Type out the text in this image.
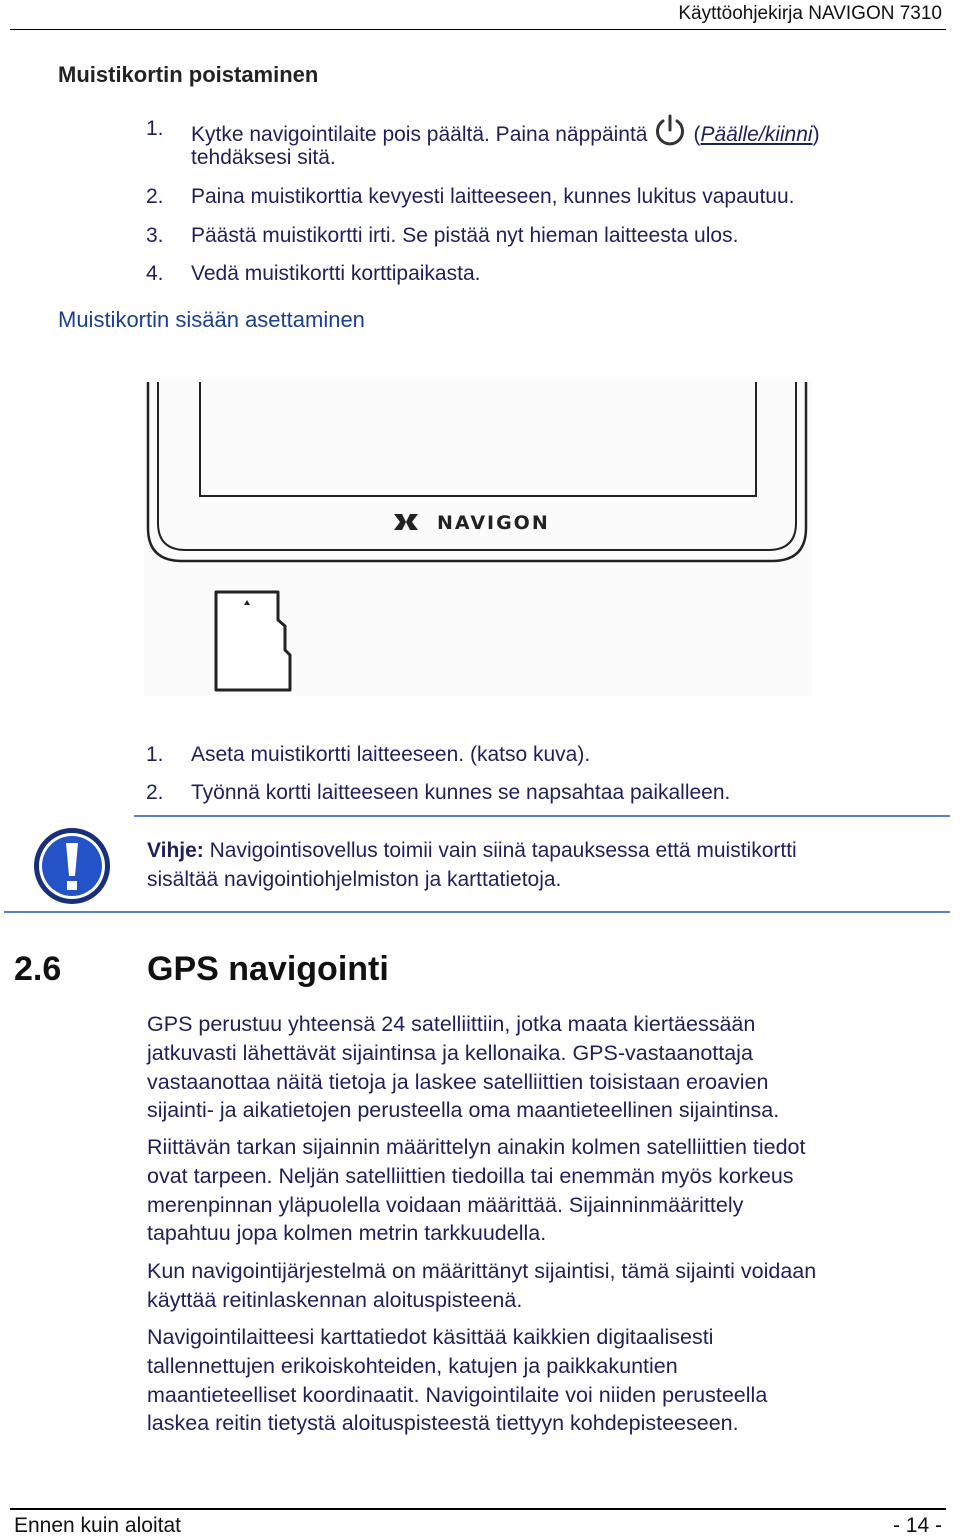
Käyttöohjekirja NAVIGON 7310
Muistikortin poistaminen
1. Kytke navigointilaite pois päältä. Paina näppäintä (Päälle/kiinni)
tehdäksesi sitä.
2. Paina muistikorttia kevyesti laitteeseen, kunnes lukitus vapautuu.
3. Päästä muistikortti irti. Se pistää nyt hieman laitteesta ulos.
4. Vedä muistikortti korttipaikasta.
Muistikortin sisään asettaminen
NAVIGON
1. Aseta muistikortti laitteeseen. (katso kuva).
2. Työnnä kortti laitteeseen kunnes se napsahtaa paikalleen.
Vihje: Navigointisovellus toimii vain siinä tapauksessa että muistikortti
sisältää navigointiohjelmiston ja karttatietoja.
2.6	GPS navigointi
GPS perustuu yhteensä 24 satelliittiin, jotka maata kiertäessään
jatkuvasti lähettävät sijaintinsa ja kellonaika. GPS-vastaanottaja
vastaanottaa näitä tietoja ja laskee satelliittien toisistaan eroavien
sijainti- ja aikatietojen perusteella oma maantieteellinen sijaintinsa.
Riittävän tarkan sijainnin määrittelyn ainakin kolmen satelliittien tiedot
ovat tarpeen. Neljän satelliittien tiedoilla tai enemmän myös korkeus
merenpinnan yläpuolella voidaan määrittää. Sijainninmäärittely
tapahtuu jopa kolmen metrin tarkkuudella.
Kun navigointijärjestelmä on määrittänyt sijaintisi, tämä sijainti voidaan
käyttää reitinlaskennan aloituspisteenä.
Navigointilaitteesi karttatiedot käsittää kaikkien digitaalisesti
tallennettujen erikoiskohteiden, katujen ja paikkakuntien
maantieteelliset koordinaatit. Navigointilaite voi niiden perusteella
laskea reitin tietystä aloituspisteestä tiettyyn kohdepisteeseen.
Ennen kuin aloitat	- 14 -
